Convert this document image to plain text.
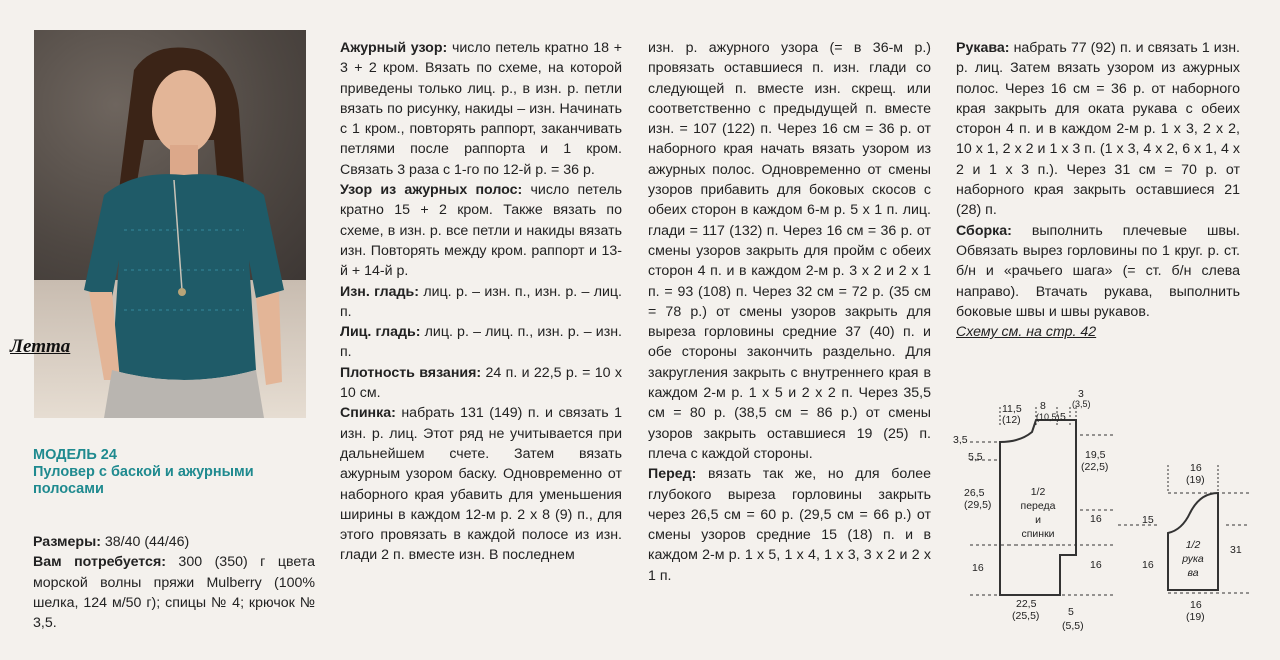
Летта
МОДЕЛЬ 24
Пуловер с баской и ажурными
полосами

Размеры: 38/40 (44/46)

Вам потребуется: 300 (350) г цвета морской волны пряжи Mulberry (100% шелка, 124 м/50 г); спицы № 4; крючок № 3,5.

Ажурный узор: число петель кратно 18 + 3 + 2 кром. Вязать по схеме, на которой приведены только лиц. р., в изн. р. петли вязать по рисунку, накиды – изн. Начинать с 1 кром., повторять раппорт, заканчивать петлями после раппорта и 1 кром. Связать 3 раза с 1-го по 12-й р. = 36 р.

Узор из ажурных полос: число петель кратно 15 + 2 кром. Также вязать по схеме, в изн. р. все петли и накиды вязать изн. Повторять между кром. раппорт и 13-й + 14-й р.

Изн. гладь: лиц. р. – изн. п., изн. р. – лиц. п.

Лиц. гладь: лиц. р. – лиц. п., изн. р. – изн. п.

Плотность вязания: 24 п. и 22,5 р. = 10 x 10 см.

Спинка: набрать 131 (149) п. и связать 1 изн. р. лиц. Этот ряд не учитывается при дальнейшем счете. Затем вязать ажурным узором баску. Одновременно от наборного края убавить для уменьшения ширины в каждом 12-м р. 2 x 8 (9) п., для этого провязать в каждой полосе из изн. глади 2 п. вместе изн. В последнем

изн. р. ажурного узора (= в 36-м р.) провязать оставшиеся п. изн. глади со следующей п. вместе изн. скрещ. или соответственно с предыдущей п. вместе изн. = 107 (122) п. Через 16 см = 36 р. от наборного края начать вязать узором из ажурных полос. Одновременно от смены узоров прибавить для боковых скосов с обеих сторон в каждом 6-м р. 5 x 1 п. лиц. глади = 117 (132) п. Через 16 см = 36 р. от смены узоров закрыть для пройм с обеих сторон 4 п. и в каждом 2-м р. 3 x 2 и 2 x 1 п. = 93 (108) п. Через 32 см = 72 р. (35 см = 78 р.) от смены узоров закрыть для выреза горловины средние 37 (40) п. и обе стороны закончить раздельно. Для закругления закрыть с внутреннего края в каждом 2-м р. 1 x 5 и 2 x 2 п. Через 35,5 см = 80 р. (38,5 см = 86 р.) от смены узоров закрыть оставшиеся 19 (25) п. плеча с каждой стороны.

Перед: вязать так же, но для более глубокого выреза горловины закрыть через 26,5 см = 60 р. (29,5 см = 66 р.) от смены узоров средние 15 (18) п. и в каждом 2-м р. 1 x 5, 1 x 4, 1 x 3, 3 x 2 и 2 x 1 п.

Рукава: набрать 77 (92) п. и связать 1 изн. р. лиц. Затем вязать узором из ажурных полос. Через 16 см = 36 р. от наборного края закрыть для оката рукава с обеих сторон 4 п. и в каждом 2-м р. 1 x 3, 2 x 2, 10 x 1, 2 x 2 и 1 x 3 п. (1 x 3, 4 x 2, 6 x 1, 4 x 2 и 1 x 3 п.). Через 31 см = 70 р. от наборного края закрыть оставшиеся 21 (28) п.

Сборка: выполнить плечевые швы. Обвязать вырез горловины по 1 круг. р. ст. б/н и «рачьего шага» (= ст. б/н слева направо). Втачать рукава, выполнить боковые швы и швы рукавов.

Схему см. на стр. 42

1/2
переда
и
спинки
11,5
(12)
8
(10,5) 5
3
(3,5)
3,5
5,5
26,5
(29,5)
16
19,5
(22,5)
16
16
22,5
(25,5)	5
(5,5)
1/2
рука
ва
16
(19)
15
16
31
16
(19)
